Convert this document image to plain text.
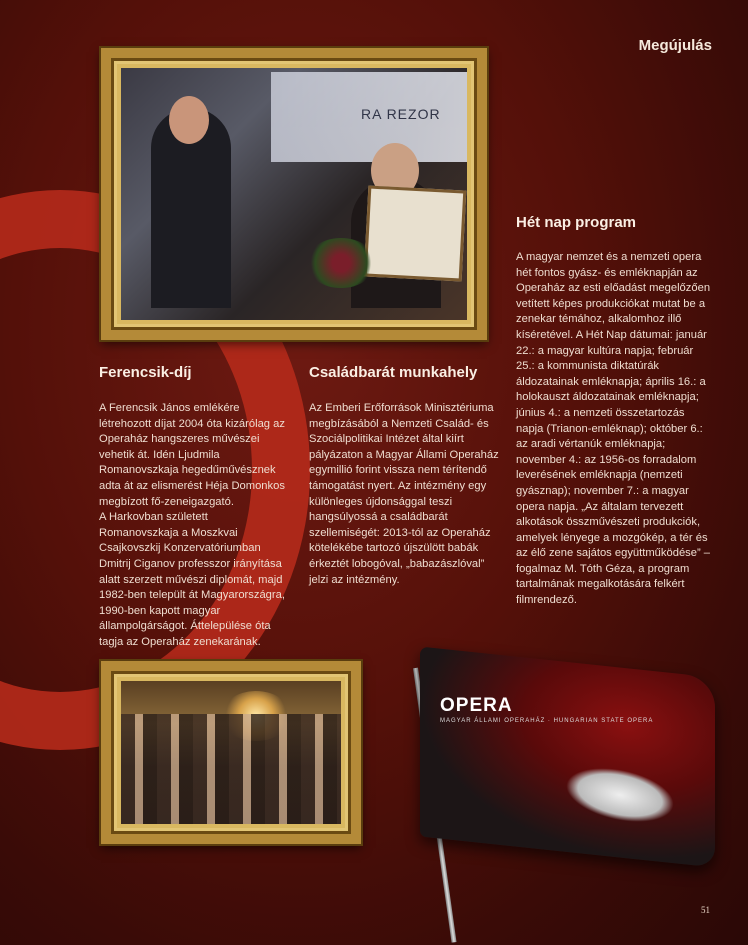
Megújulás
RA REZOR
Ferencsik-díj

A Ferencsik János emlékére létrehozott díjat 2004 óta kizárólag az Operaház hangszeres művészei vehetik át. Idén Ljudmila Romanovszkaja hegedűművésznek adta át az elismerést Héja Domonkos megbízott fő-zeneigazgató.

A Harkovban született Romanovszkaja a Moszkvai Csajkovszkij Konzervatóriumban Dmitrij Ciganov professzor irányítása alatt szerzett művészi diplomát, majd 1982-ben települt át Magyarországra, 1990-ben kapott magyar állampolgárságot. Áttelepülése óta tagja az Operaház zenekarának.

Családbarát munkahely

Az Emberi Erőforrások Minisztériuma megbízásából a Nemzeti Család- és Szociálpolitikai Intézet által kiírt pályázaton a Magyar Állami Operaház egymillió forint vissza nem térítendő támogatást nyert. Az intézmény egy különleges újdonsággal teszi hangsúlyossá a családbarát szellemiségét: 2013-tól az Operaház kötelékébe tartozó újszülött babák érkeztét lobogóval, „babazászlóval” jelzi az intézmény.

Hét nap program

A magyar nemzet és a nemzeti opera hét fontos gyász- és emléknapján az Operaház az esti előadást megelőzően vetített képes produkciókat mutat be a zenekar témához, alkalomhoz illő kíséretével. A Hét Nap dátumai: január 22.: a magyar kultúra napja; február 25.: a kommunista diktatúrák áldozatainak emléknapja; április 16.: a holokauszt áldozatainak emléknapja; június 4.: a nemzeti összetartozás napja (Trianon-emléknap); október 6.: az aradi vértanúk emléknapja; november 4.: az 1956-os forradalom leverésének emléknapja (nemzeti gyásznap); november 7.: a magyar opera napja. „Az általam tervezett alkotások összművészeti produkciók, amelyek lényege a mozgókép, a tér és az élő zene sajátos együttműködése” – fogalmaz M. Tóth Géza, a program tartalmának megalkotására felkért filmrendező.

OPERA
MAGYAR ÁLLAMI OPERAHÁZ · HUNGARIAN STATE OPERA
51
